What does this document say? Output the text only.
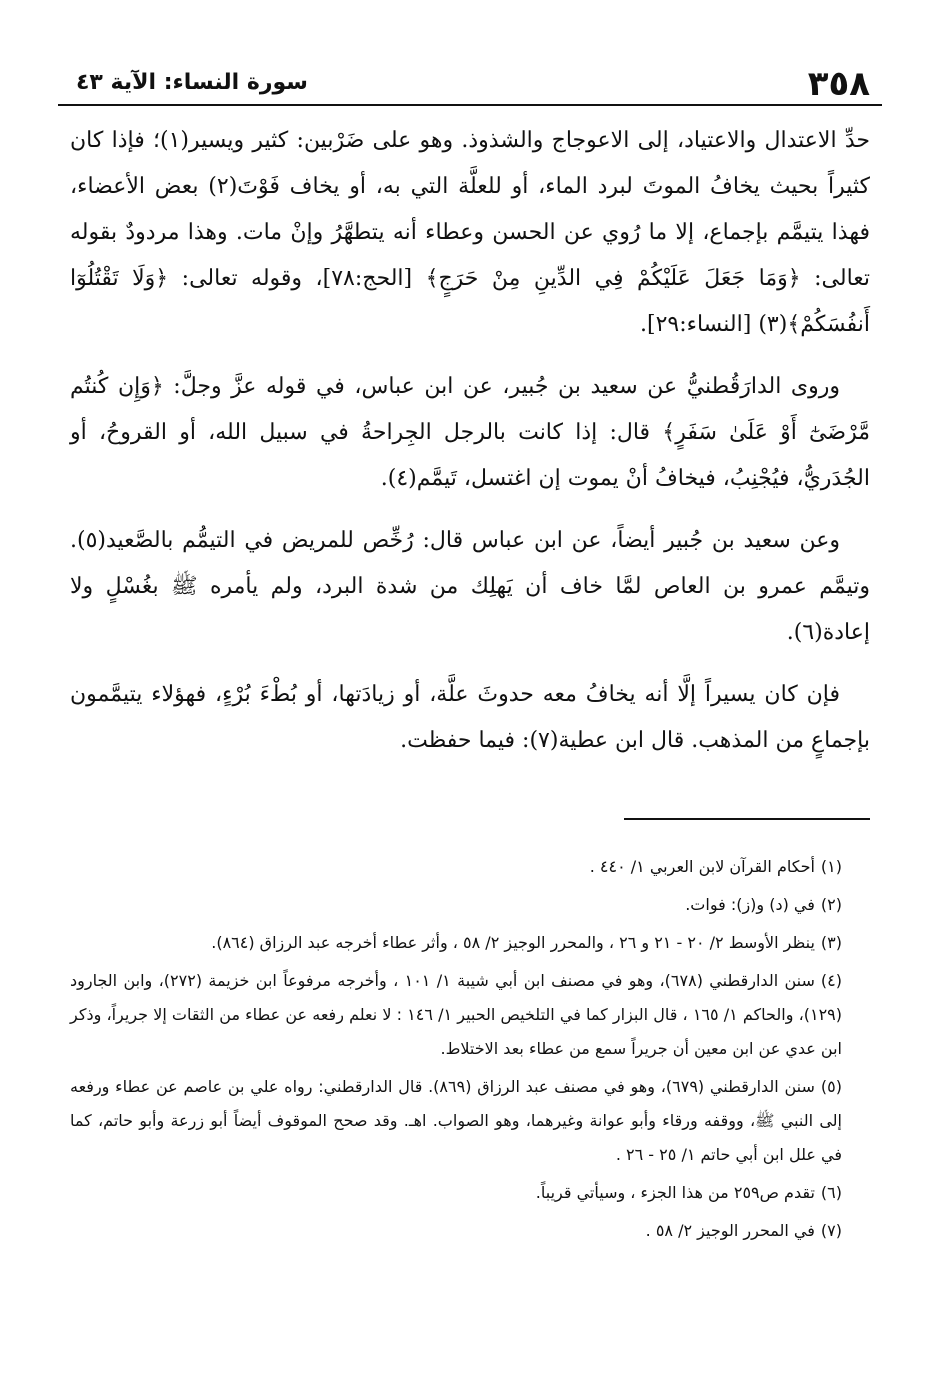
٣٥٨
سورة النساء: الآية ٤٣

حدِّ الاعتدال والاعتياد، إلى الاعوجاج والشذوذ. وهو على ضَرْبين: كثير ويسير(١)؛ فإذا كان كثيراً بحيث يخافُ الموتَ لبرد الماء، أو للعلَّة التي به، أو يخاف فَوْتَ(٢) بعض الأعضاء، فهذا يتيمَّم بإجماع، إلا ما رُوي عن الحسن وعطاء أنه يتطهَّرُ وإنْ مات. وهذا مردودٌ بقوله تعالى: ﴿وَمَا جَعَلَ عَلَيْكُمْ فِي الدِّينِ مِنْ حَرَجٍ﴾ [الحج:٧٨]، وقوله تعالى: ﴿وَلَا تَقْتُلُوٓا أَنفُسَكُمْ﴾(٣) [النساء:٢٩].

وروى الدارَقُطنيُّ عن سعيد بن جُبير، عن ابن عباس، في قوله عزَّ وجلَّ: ﴿وَإِن كُنتُم مَّرْضَىٰٓ أَوْ عَلَىٰ سَفَرٍ﴾ قال: إذا كانت بالرجل الجِراحةُ في سبيل الله، أو القروحُ، أو الجُدَريُّ، فيُجْنِبُ، فيخافُ أنْ يموت إن اغتسل، تَيمَّم(٤).

وعن سعيد بن جُبير أيضاً، عن ابن عباس قال: رُخِّص للمريض في التيمُّم بالصَّعيد(٥). وتيمَّم عمرو بن العاص لمَّا خاف أن يَهلِك من شدة البرد، ولم يأمره ﷺ بغُسْلٍ ولا إعادة(٦).

فإن كان يسيراً إلَّا أنه يخافُ معه حدوثَ علَّة، أو زيادَتها، أو بُطْءَ بُرْءٍ، فهؤلاء يتيمَّمون بإجماعٍ من المذهب. قال ابن عطية(٧): فيما حفظت.

(١)أحكام القرآن لابن العربي ١/ ٤٤٠ .
(٢)في (د) و(ز): فوات.
(٣)ينظر الأوسط ٢/ ٢٠ - ٢١ و ٢٦ ، والمحرر الوجيز ٢/ ٥٨ ، وأثر عطاء أخرجه عبد الرزاق (٨٦٤).
(٤)سنن الدارقطني (٦٧٨)، وهو في مصنف ابن أبي شيبة ١/ ١٠١ ، وأخرجه مرفوعاً ابن خزيمة (٢٧٢)، وابن الجارود (١٢٩)، والحاكم ١/ ١٦٥ ، قال البزار كما في التلخيص الحبير ١/ ١٤٦ : لا نعلم رفعه عن عطاء من الثقات إلا جريراً، وذكر ابن عدي عن ابن معين أن جريراً سمع من عطاء بعد الاختلاط.
(٥)سنن الدارقطني (٦٧٩)، وهو في مصنف عبد الرزاق (٨٦٩). قال الدارقطني: رواه علي بن عاصم عن عطاء ورفعه إلى النبي ﷺ، ووقفه ورقاء وأبو عوانة وغيرهما، وهو الصواب. اهـ. وقد صحح الموقوف أيضاً أبو زرعة وأبو حاتم، كما في علل ابن أبي حاتم ١/ ٢٥ - ٢٦ .
(٦)تقدم ص٢٥٩ من هذا الجزء ، وسيأتي قريباً.
(٧)في المحرر الوجيز ٢/ ٥٨ .
